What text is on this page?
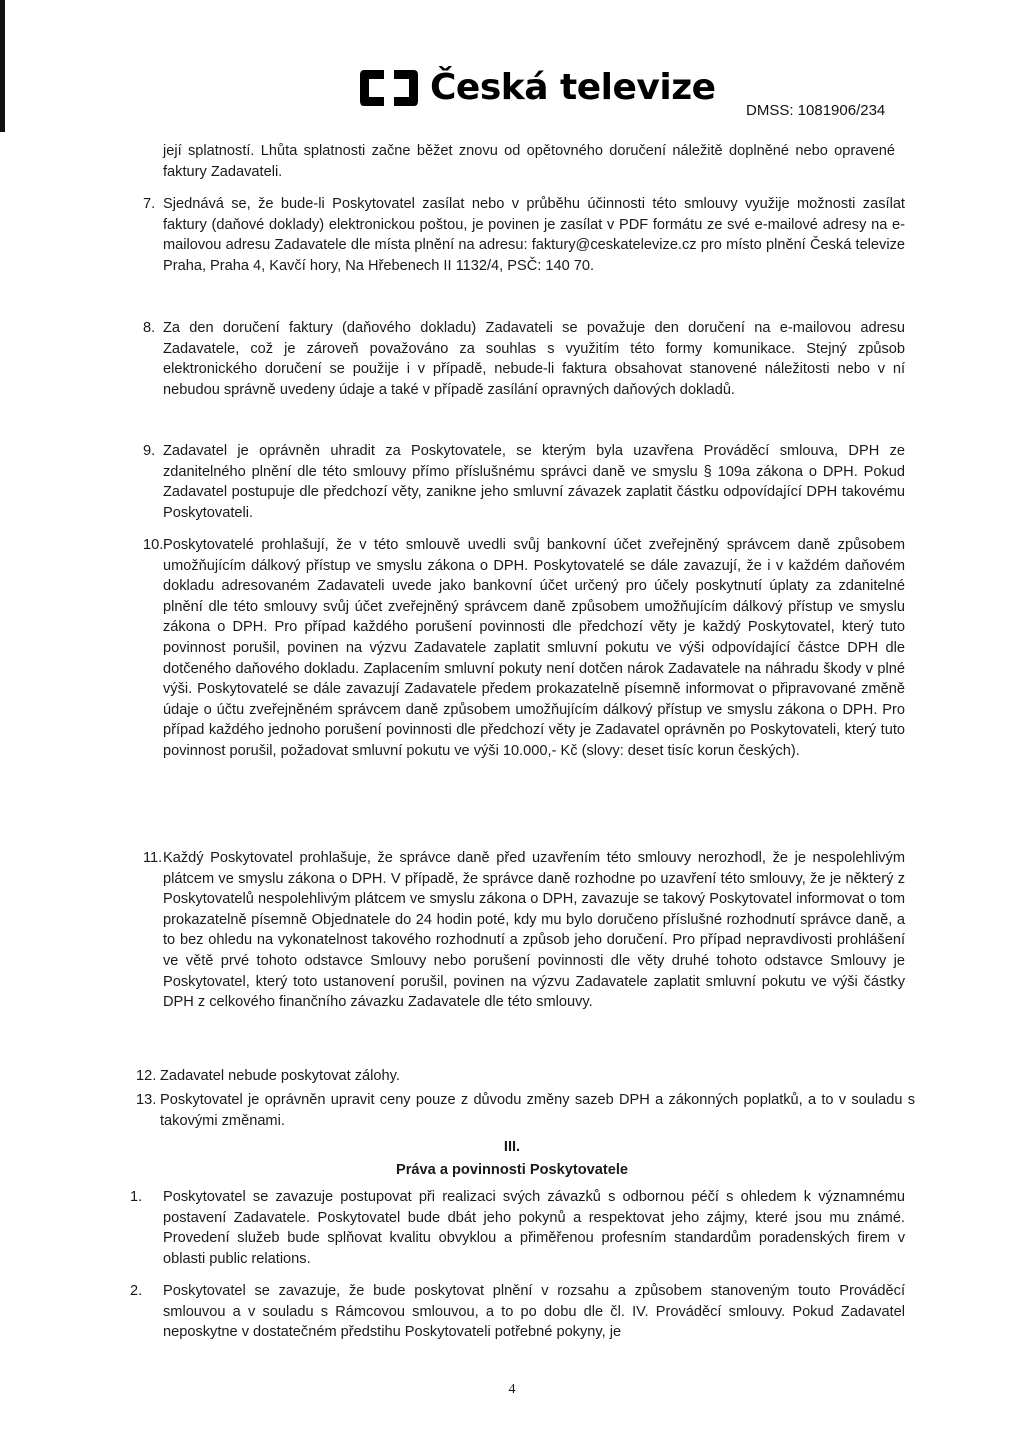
Česká televize
DMSS: 1081906/234
její splatností. Lhůta splatnosti začne běžet znovu od opětovného doručení náležitě doplněné nebo opravené faktury Zadavateli.
7. Sjednává se, že bude-li Poskytovatel zasílat nebo v průběhu účinnosti této smlouvy využije možnosti zasílat faktury (daňové doklady) elektronickou poštou, je povinen je zasílat v PDF formátu ze své e-mailové adresy na e-mailovou adresu Zadavatele dle místa plnění na adresu: faktury@ceskatelevize.cz pro místo plnění Česká televize Praha, Praha 4, Kavčí hory, Na Hřebenech II 1132/4, PSČ: 140 70.
8. Za den doručení faktury (daňového dokladu) Zadavateli se považuje den doručení na e-mailovou adresu Zadavatele, což je zároveň považováno za souhlas s využitím této formy komunikace. Stejný způsob elektronického doručení se použije i v případě, nebude-li faktura obsahovat stanovené náležitosti nebo v ní nebudou správně uvedeny údaje a také v případě zasílání opravných daňových dokladů.
9. Zadavatel je oprávněn uhradit za Poskytovatele, se kterým byla uzavřena Prováděcí smlouva, DPH ze zdanitelného plnění dle této smlouvy přímo příslušnému správci daně ve smyslu § 109a zákona o DPH. Pokud Zadavatel postupuje dle předchozí věty, zanikne jeho smluvní závazek zaplatit částku odpovídající DPH takovému Poskytovateli.
10. Poskytovatelé prohlašují, že v této smlouvě uvedli svůj bankovní účet zveřejněný správcem daně způsobem umožňujícím dálkový přístup ve smyslu zákona o DPH. Poskytovatelé se dále zavazují, že i v každém daňovém dokladu adresovaném Zadavateli uvede jako bankovní účet určený pro účely poskytnutí úplaty za zdanitelné plnění dle této smlouvy svůj účet zveřejněný správcem daně způsobem umožňujícím dálkový přístup ve smyslu zákona o DPH. Pro případ každého porušení povinnosti dle předchozí věty je každý Poskytovatel, který tuto povinnost porušil, povinen na výzvu Zadavatele zaplatit smluvní pokutu ve výši odpovídající částce DPH dle dotčeného daňového dokladu. Zaplacením smluvní pokuty není dotčen nárok Zadavatele na náhradu škody v plné výši. Poskytovatelé se dále zavazují Zadavatele předem prokazatelně písemně informovat o připravované změně údaje o účtu zveřejněném správcem daně způsobem umožňujícím dálkový přístup ve smyslu zákona o DPH. Pro případ každého jednoho porušení povinnosti dle předchozí věty je Zadavatel oprávněn po Poskytovateli, který tuto povinnost porušil, požadovat smluvní pokutu ve výši 10.000,- Kč (slovy: deset tisíc korun českých).
11. Každý Poskytovatel prohlašuje, že správce daně před uzavřením této smlouvy nerozhodl, že je nespolehlivým plátcem ve smyslu zákona o DPH. V případě, že správce daně rozhodne po uzavření této smlouvy, že je některý z Poskytovatelů nespolehlivým plátcem ve smyslu zákona o DPH, zavazuje se takový Poskytovatel informovat o tom prokazatelně písemně Objednatele do 24 hodin poté, kdy mu bylo doručeno příslušné rozhodnutí správce daně, a to bez ohledu na vykonatelnost takového rozhodnutí a způsob jeho doručení. Pro případ nepravdivosti prohlášení ve větě prvé tohoto odstavce Smlouvy nebo porušení povinnosti dle věty druhé tohoto odstavce Smlouvy je Poskytovatel, který toto ustanovení porušil, povinen na výzvu Zadavatele zaplatit smluvní pokutu ve výši částky DPH z celkového finančního závazku Zadavatele dle této smlouvy.
12. Zadavatel nebude poskytovat zálohy.
13. Poskytovatel je oprávněn upravit ceny pouze z důvodu změny sazeb DPH a zákonných poplatků, a to v souladu s takovými změnami.
III.
Práva a povinnosti Poskytovatele
1. Poskytovatel se zavazuje postupovat při realizaci svých závazků s odbornou péčí s ohledem k významnému postavení Zadavatele. Poskytovatel bude dbát jeho pokynů a respektovat jeho zájmy, které jsou mu známé. Provedení služeb bude splňovat kvalitu obvyklou a přiměřenou profesním standardům poradenských firem v oblasti public relations.
2. Poskytovatel se zavazuje, že bude poskytovat plnění v rozsahu a způsobem stanoveným touto Prováděcí smlouvou a v souladu s Rámcovou smlouvou, a to po dobu dle čl. IV. Prováděcí smlouvy. Pokud Zadavatel neposkytne v dostatečném předstihu Poskytovateli potřebné pokyny, je
4
